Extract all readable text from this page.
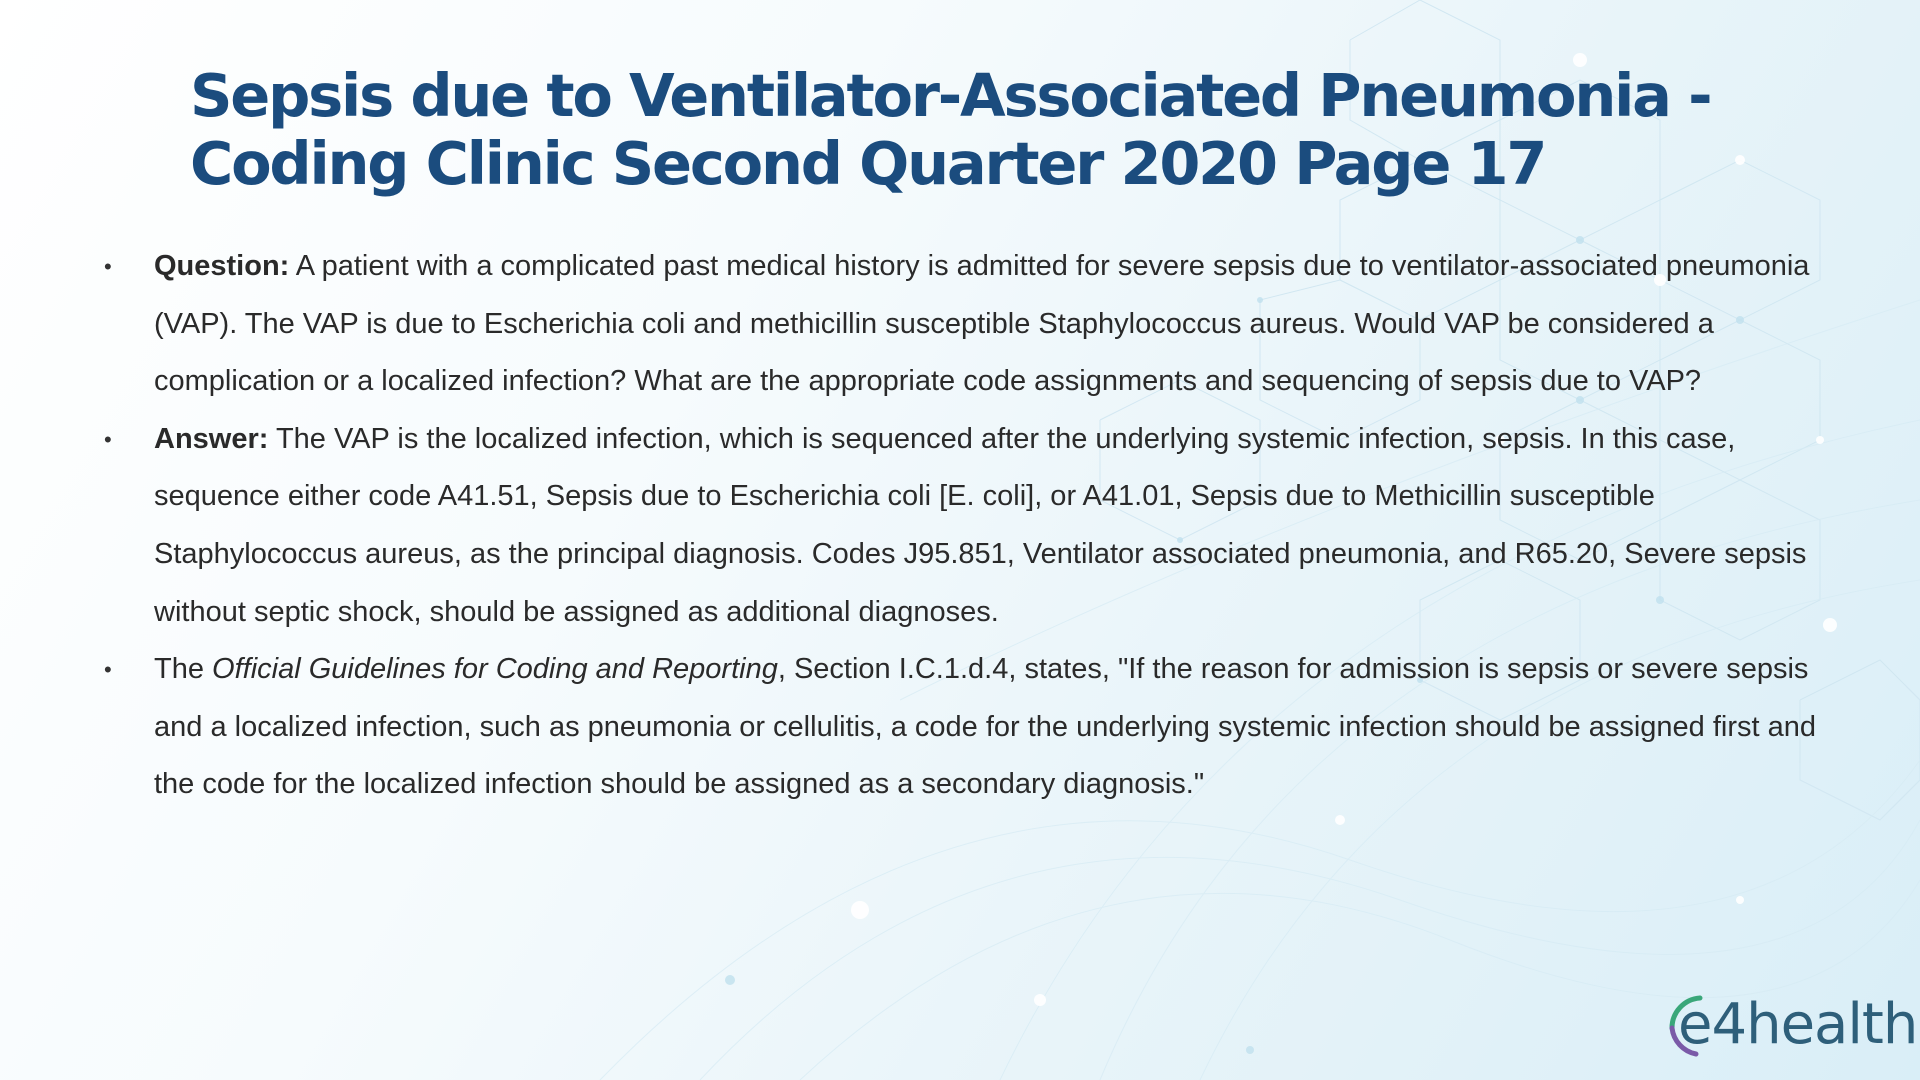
Sepsis due to Ventilator-Associated Pneumonia -
Coding Clinic Second Quarter 2020 Page 17
• Question: A patient with a complicated past medical history is admitted for severe sepsis due to ventilator-associated pneumonia (VAP). The VAP is due to Escherichia coli and methicillin susceptible Staphylococcus aureus. Would VAP be considered a complication or a localized infection? What are the appropriate code assignments and sequencing of sepsis due to VAP?
• Answer: The VAP is the localized infection, which is sequenced after the underlying systemic infection, sepsis. In this case, sequence either code A41.51, Sepsis due to Escherichia coli [E. coli], or A41.01, Sepsis due to Methicillin susceptible Staphylococcus aureus, as the principal diagnosis. Codes J95.851, Ventilator associated pneumonia, and R65.20, Severe sepsis without septic shock, should be assigned as additional diagnoses.
• The Official Guidelines for Coding and Reporting, Section I.C.1.d.4, states, "If the reason for admission is sepsis or severe sepsis and a localized infection, such as pneumonia or cellulitis, a code for the underlying systemic infection should be assigned first and the code for the localized infection should be assigned as a secondary diagnosis."
e4health
